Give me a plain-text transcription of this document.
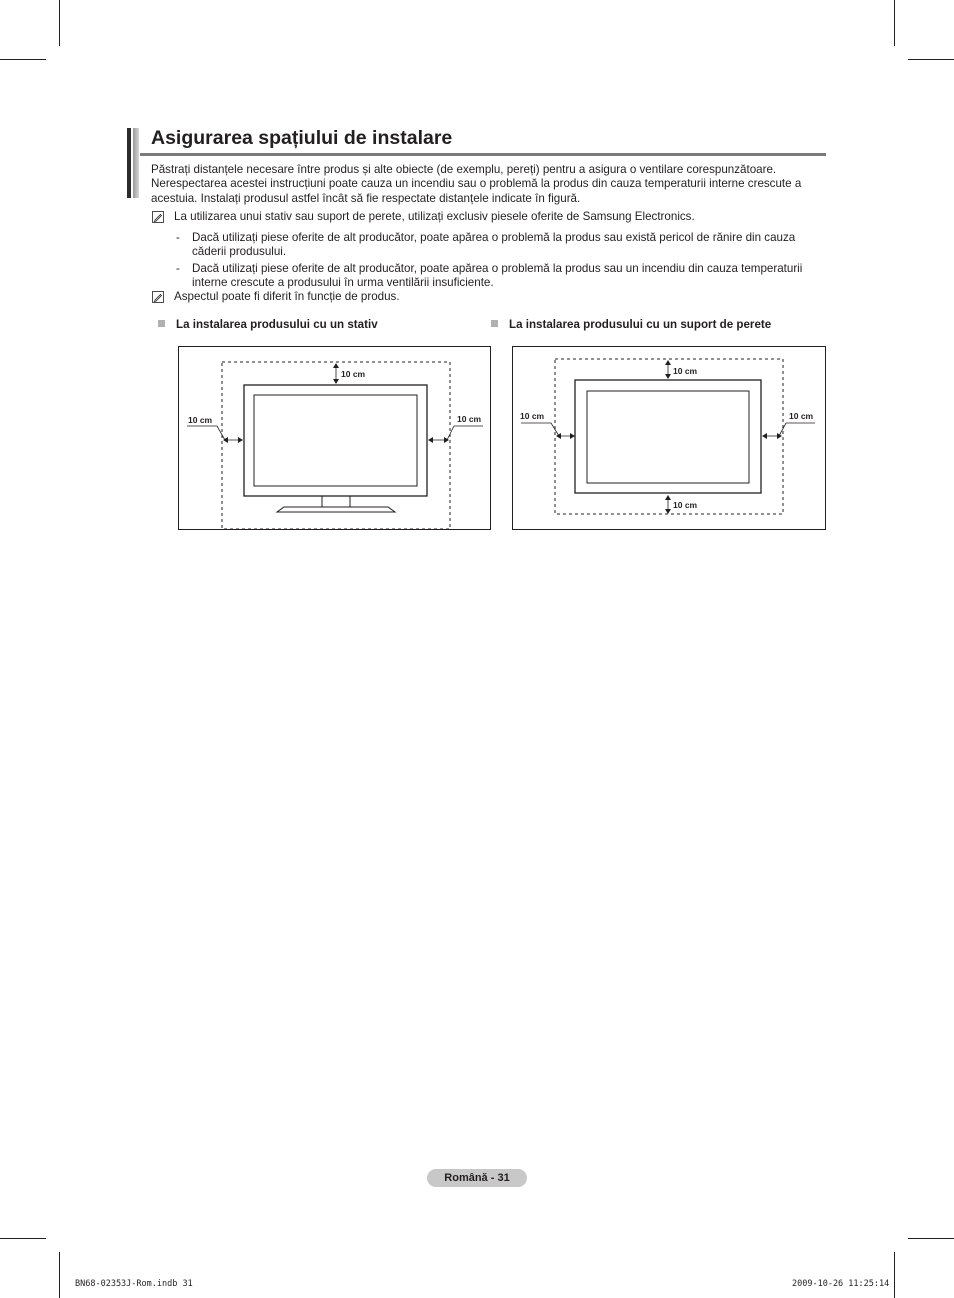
Asigurarea spațiului de instalare

Păstrați distanțele necesare între produs și alte obiecte (de exemplu, pereți) pentru a asigura o ventilare corespunzătoare. Nerespectarea acestei instrucțiuni poate cauza un incendiu sau o problemă la produs din cauza temperaturii interne crescute a acestuia. Instalați produsul astfel încât să fie respectate distanțele indicate în figură.

La utilizarea unui stativ sau suport de perete, utilizați exclusiv piesele oferite de Samsung Electronics.
- Dacă utilizați piese oferite de alt producător, poate apărea o problemă la produs sau există pericol de rănire din cauza căderii produsului.
- Dacă utilizați piese oferite de alt producător, poate apărea o problemă la produs sau un incendiu din cauza temperaturii interne crescute a produsului în urma ventilării insuficiente.
Aspectul poate fi diferit în funcție de produs.
La instalarea produsului cu un stativ	La instalarea produsului cu un suport de perete
10 cm
10 cm	10 cm
10 cm
10 cm	10 cm
10 cm
Română - 31
BN68-02353J-Rom.indb 31	2009-10-26 11:25:14
